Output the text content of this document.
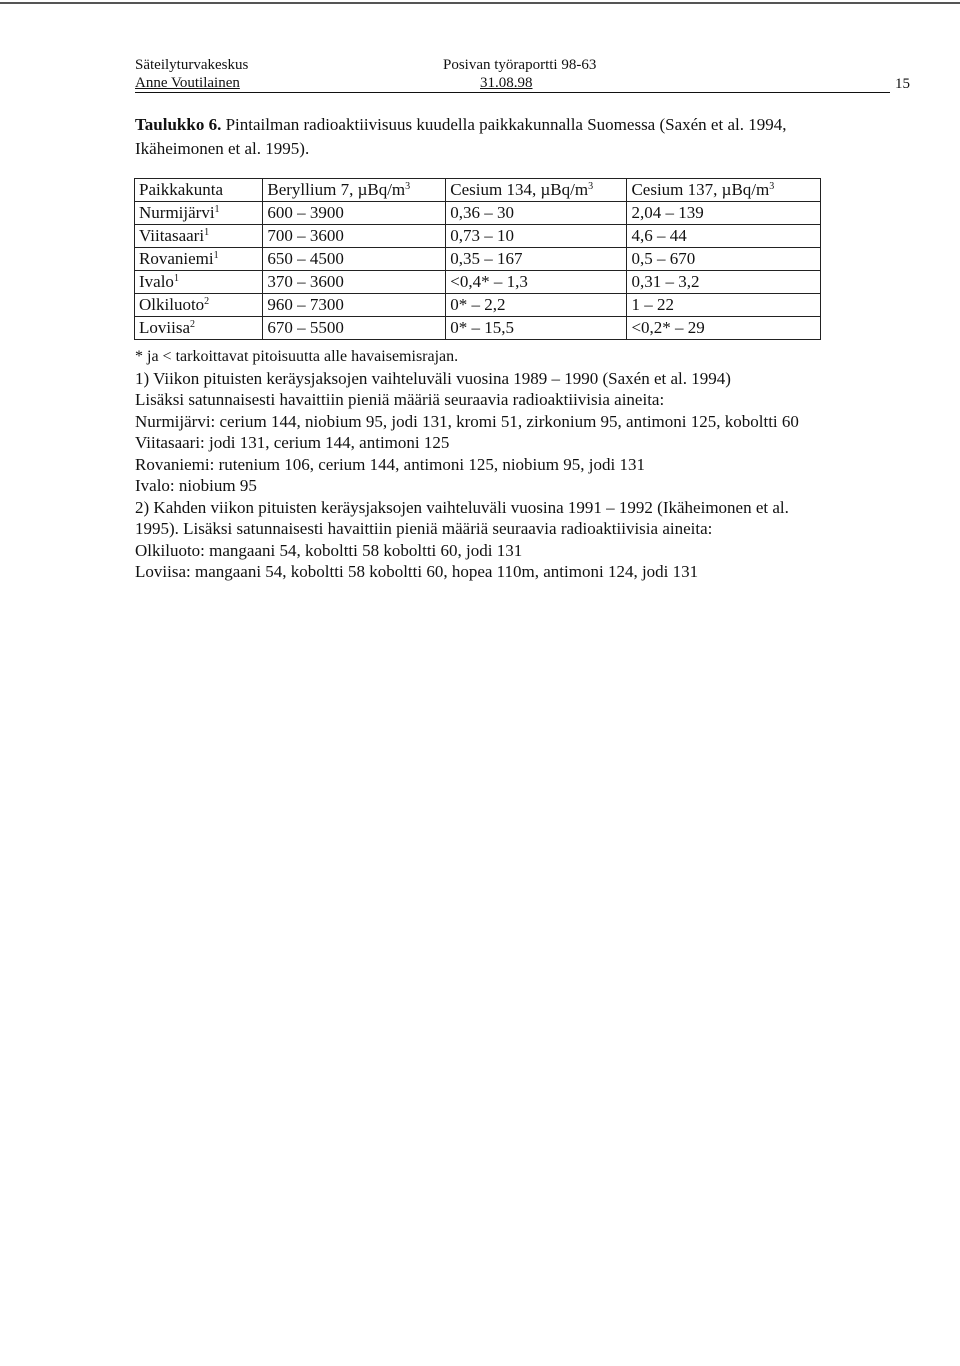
Säteilyturvakeskus
Anne Voutilainen
Posivan työraportti 98-63
31.08.98	15
Taulukko 6. Pintailman radioaktiivisuus kuudella paikkakunnalla Suomessa (Saxén et al. 1994, Ikäheimonen et al. 1995).
Paikkakunta	Beryllium 7, µBq/$m^3$	Cesium 134, µBq/$m^3$	Cesium 137, µBq/$m^3$
Nurmijärvi$^1$	600 – 3900	0,36 – 30	2,04 – 139
Viitasaari$^1$	700 – 3600	0,73 – 10	4,6 – 44
Rovaniemi$^1$	650 – 4500	0,35 – 167	0,5 – 670
Ivalo$^1$	370 – 3600	<0,4* – 1,3	0,31 – 3,2
Olkiluoto$^2$	960 – 7300	0* – 2,2	1 – 22
Loviisa$^2$	670 – 5500	0* – 15,5	<0,2* – 29

* ja < tarkoittavat pitoisuutta alle havaisemisrajan.

1) Viikon pituisten keräysjaksojen vaihteluväli vuosina 1989 – 1990 (Saxén et al. 1994)

Lisäksi satunnaisesti havaittiin pieniä määriä seuraavia radioaktiivisia aineita:

Nurmijärvi: cerium 144, niobium 95, jodi 131, kromi 51, zirkonium 95, antimoni 125, koboltti 60

Viitasaari: jodi 131, cerium 144, antimoni 125

Rovaniemi: rutenium 106, cerium 144, antimoni 125, niobium 95, jodi 131

Ivalo: niobium 95

2) Kahden viikon pituisten keräysjaksojen vaihteluväli vuosina 1991 – 1992 (Ikäheimonen et al. 1995). Lisäksi satunnaisesti havaittiin pieniä määriä seuraavia radioaktiivisia aineita:

Olkiluoto: mangaani 54, koboltti 58 koboltti 60, jodi 131

Loviisa: mangaani 54, koboltti 58 koboltti 60, hopea 110m, antimoni 124, jodi 131
